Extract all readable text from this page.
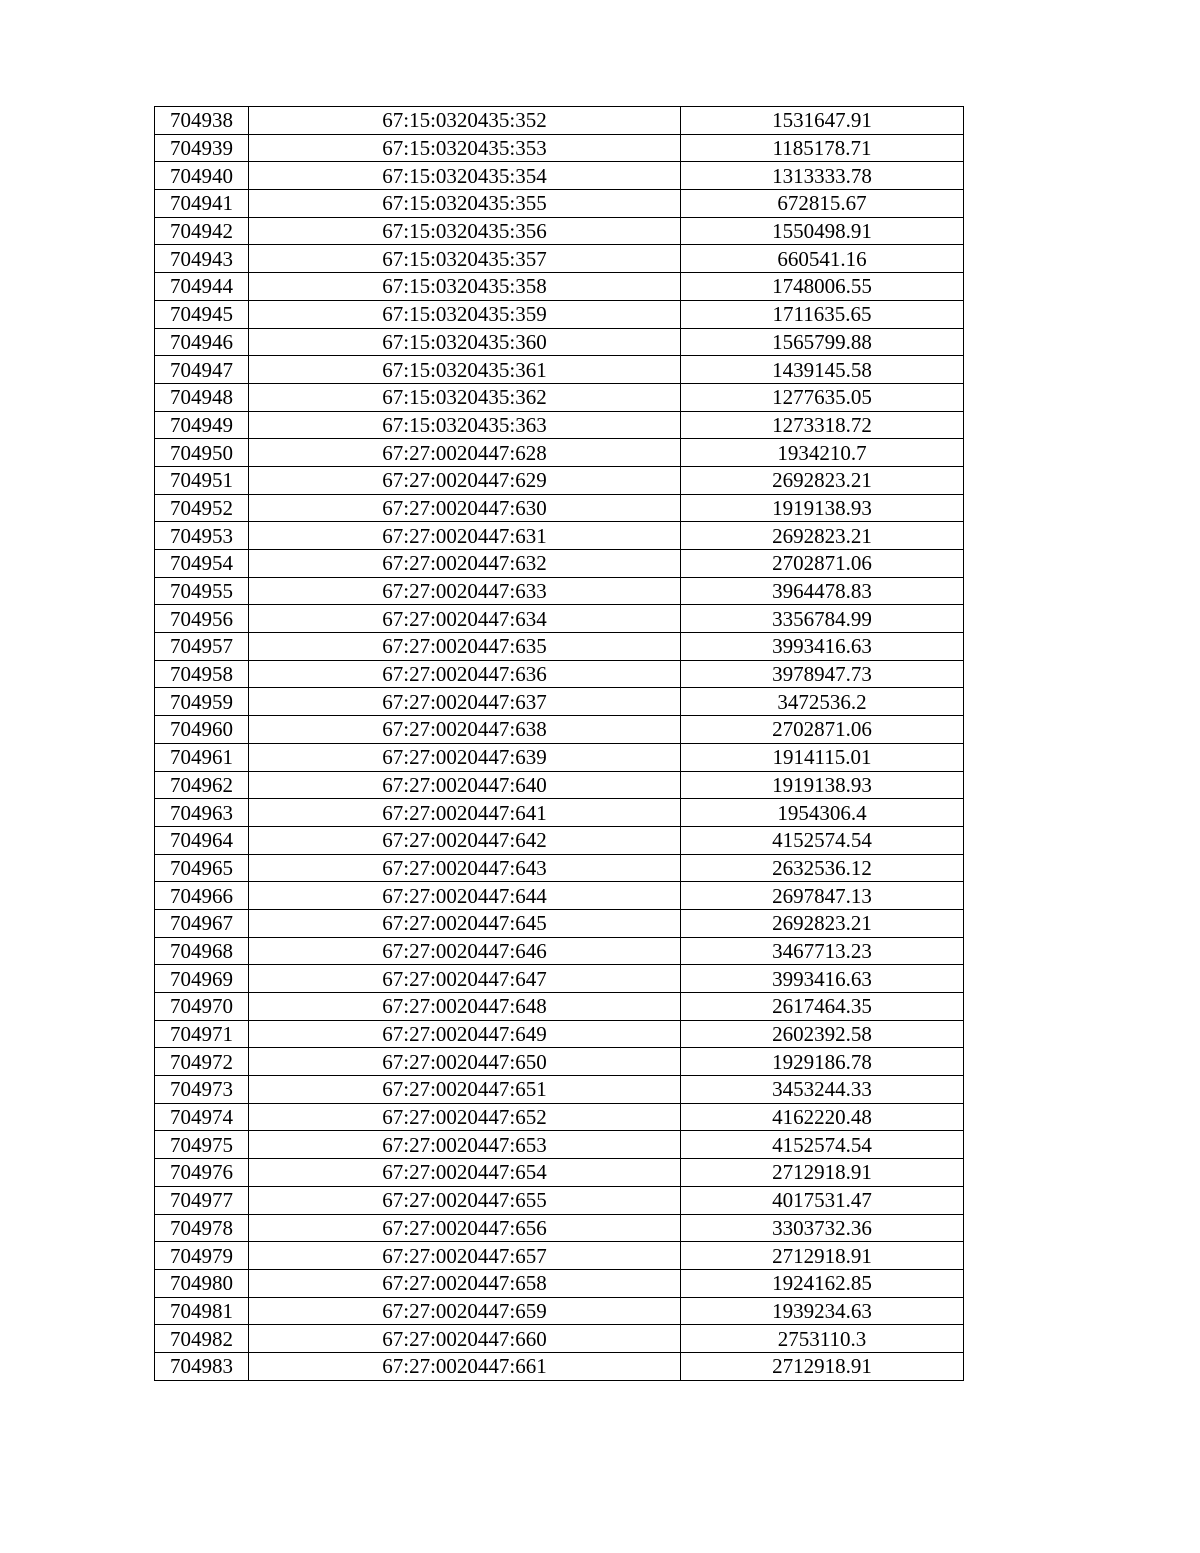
704938	67:15:0320435:352	1531647.91
704939	67:15:0320435:353	1185178.71
704940	67:15:0320435:354	1313333.78
704941	67:15:0320435:355	672815.67
704942	67:15:0320435:356	1550498.91
704943	67:15:0320435:357	660541.16
704944	67:15:0320435:358	1748006.55
704945	67:15:0320435:359	1711635.65
704946	67:15:0320435:360	1565799.88
704947	67:15:0320435:361	1439145.58
704948	67:15:0320435:362	1277635.05
704949	67:15:0320435:363	1273318.72
704950	67:27:0020447:628	1934210.7
704951	67:27:0020447:629	2692823.21
704952	67:27:0020447:630	1919138.93
704953	67:27:0020447:631	2692823.21
704954	67:27:0020447:632	2702871.06
704955	67:27:0020447:633	3964478.83
704956	67:27:0020447:634	3356784.99
704957	67:27:0020447:635	3993416.63
704958	67:27:0020447:636	3978947.73
704959	67:27:0020447:637	3472536.2
704960	67:27:0020447:638	2702871.06
704961	67:27:0020447:639	1914115.01
704962	67:27:0020447:640	1919138.93
704963	67:27:0020447:641	1954306.4
704964	67:27:0020447:642	4152574.54
704965	67:27:0020447:643	2632536.12
704966	67:27:0020447:644	2697847.13
704967	67:27:0020447:645	2692823.21
704968	67:27:0020447:646	3467713.23
704969	67:27:0020447:647	3993416.63
704970	67:27:0020447:648	2617464.35
704971	67:27:0020447:649	2602392.58
704972	67:27:0020447:650	1929186.78
704973	67:27:0020447:651	3453244.33
704974	67:27:0020447:652	4162220.48
704975	67:27:0020447:653	4152574.54
704976	67:27:0020447:654	2712918.91
704977	67:27:0020447:655	4017531.47
704978	67:27:0020447:656	3303732.36
704979	67:27:0020447:657	2712918.91
704980	67:27:0020447:658	1924162.85
704981	67:27:0020447:659	1939234.63
704982	67:27:0020447:660	2753110.3
704983	67:27:0020447:661	2712918.91
